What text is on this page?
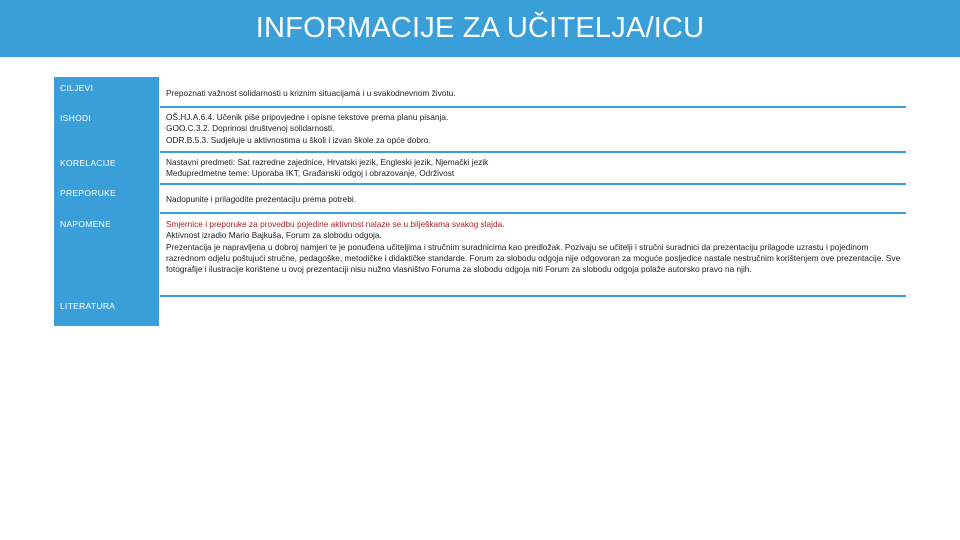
INFORMACIJE ZA UČITELJA/ICU
CILJEVI
ISHODI
KORELACIJE
PREPORUKE
NAPOMENE
LITERATURA
Prepoznati važnost solidarnosti u kriznim situacijama i u svakodnevnom životu.
OŠ.HJ.A.6.4. Učenik piše pripovjedne i opisne tekstove prema planu pisanja.
GOO.C.3.2. Doprinosi društvenoj solidarnosti.
ODR.B.5.3. Sudjeluje u aktivnostima u školi i izvan škole za opće dobro.
Nastavni predmeti: Sat razredne zajednice, Hrvatski jezik, Engleski jezik, Njemački jezik
Međupredmetne teme: Uporaba IKT, Građanski odgoj i obrazovanje, Održivost
Nadopunite i prilagodite prezentaciju prema potrebi.
Smjernice i preporuke za provedbu pojedine aktivnost nalaze se u bilješkama svakog slajda.
Aktivnost izradio Mario Bajkuša, Forum za slobodu odgoja.
Prezentacija je napravljena u dobroj namjeri te je ponuđena učiteljima i stručnim suradnicima kao predložak. Pozivaju se učitelji i stručni suradnici da prezentaciju prilagode uzrastu i pojedinom razrednom odjelu poštujući stručne, pedagoške, metodičke i didaktičke standarde. Forum za slobodu odgoja nije odgovoran za moguće posljedice nastale nestručnim korištenjem ove prezentacije. Sve fotografije i ilustracije korištene u ovoj prezentaciji nisu nužno vlasništvo Foruma za slobodu odgoja niti Forum za slobodu odgoja polaže autorsko pravo na njih.
